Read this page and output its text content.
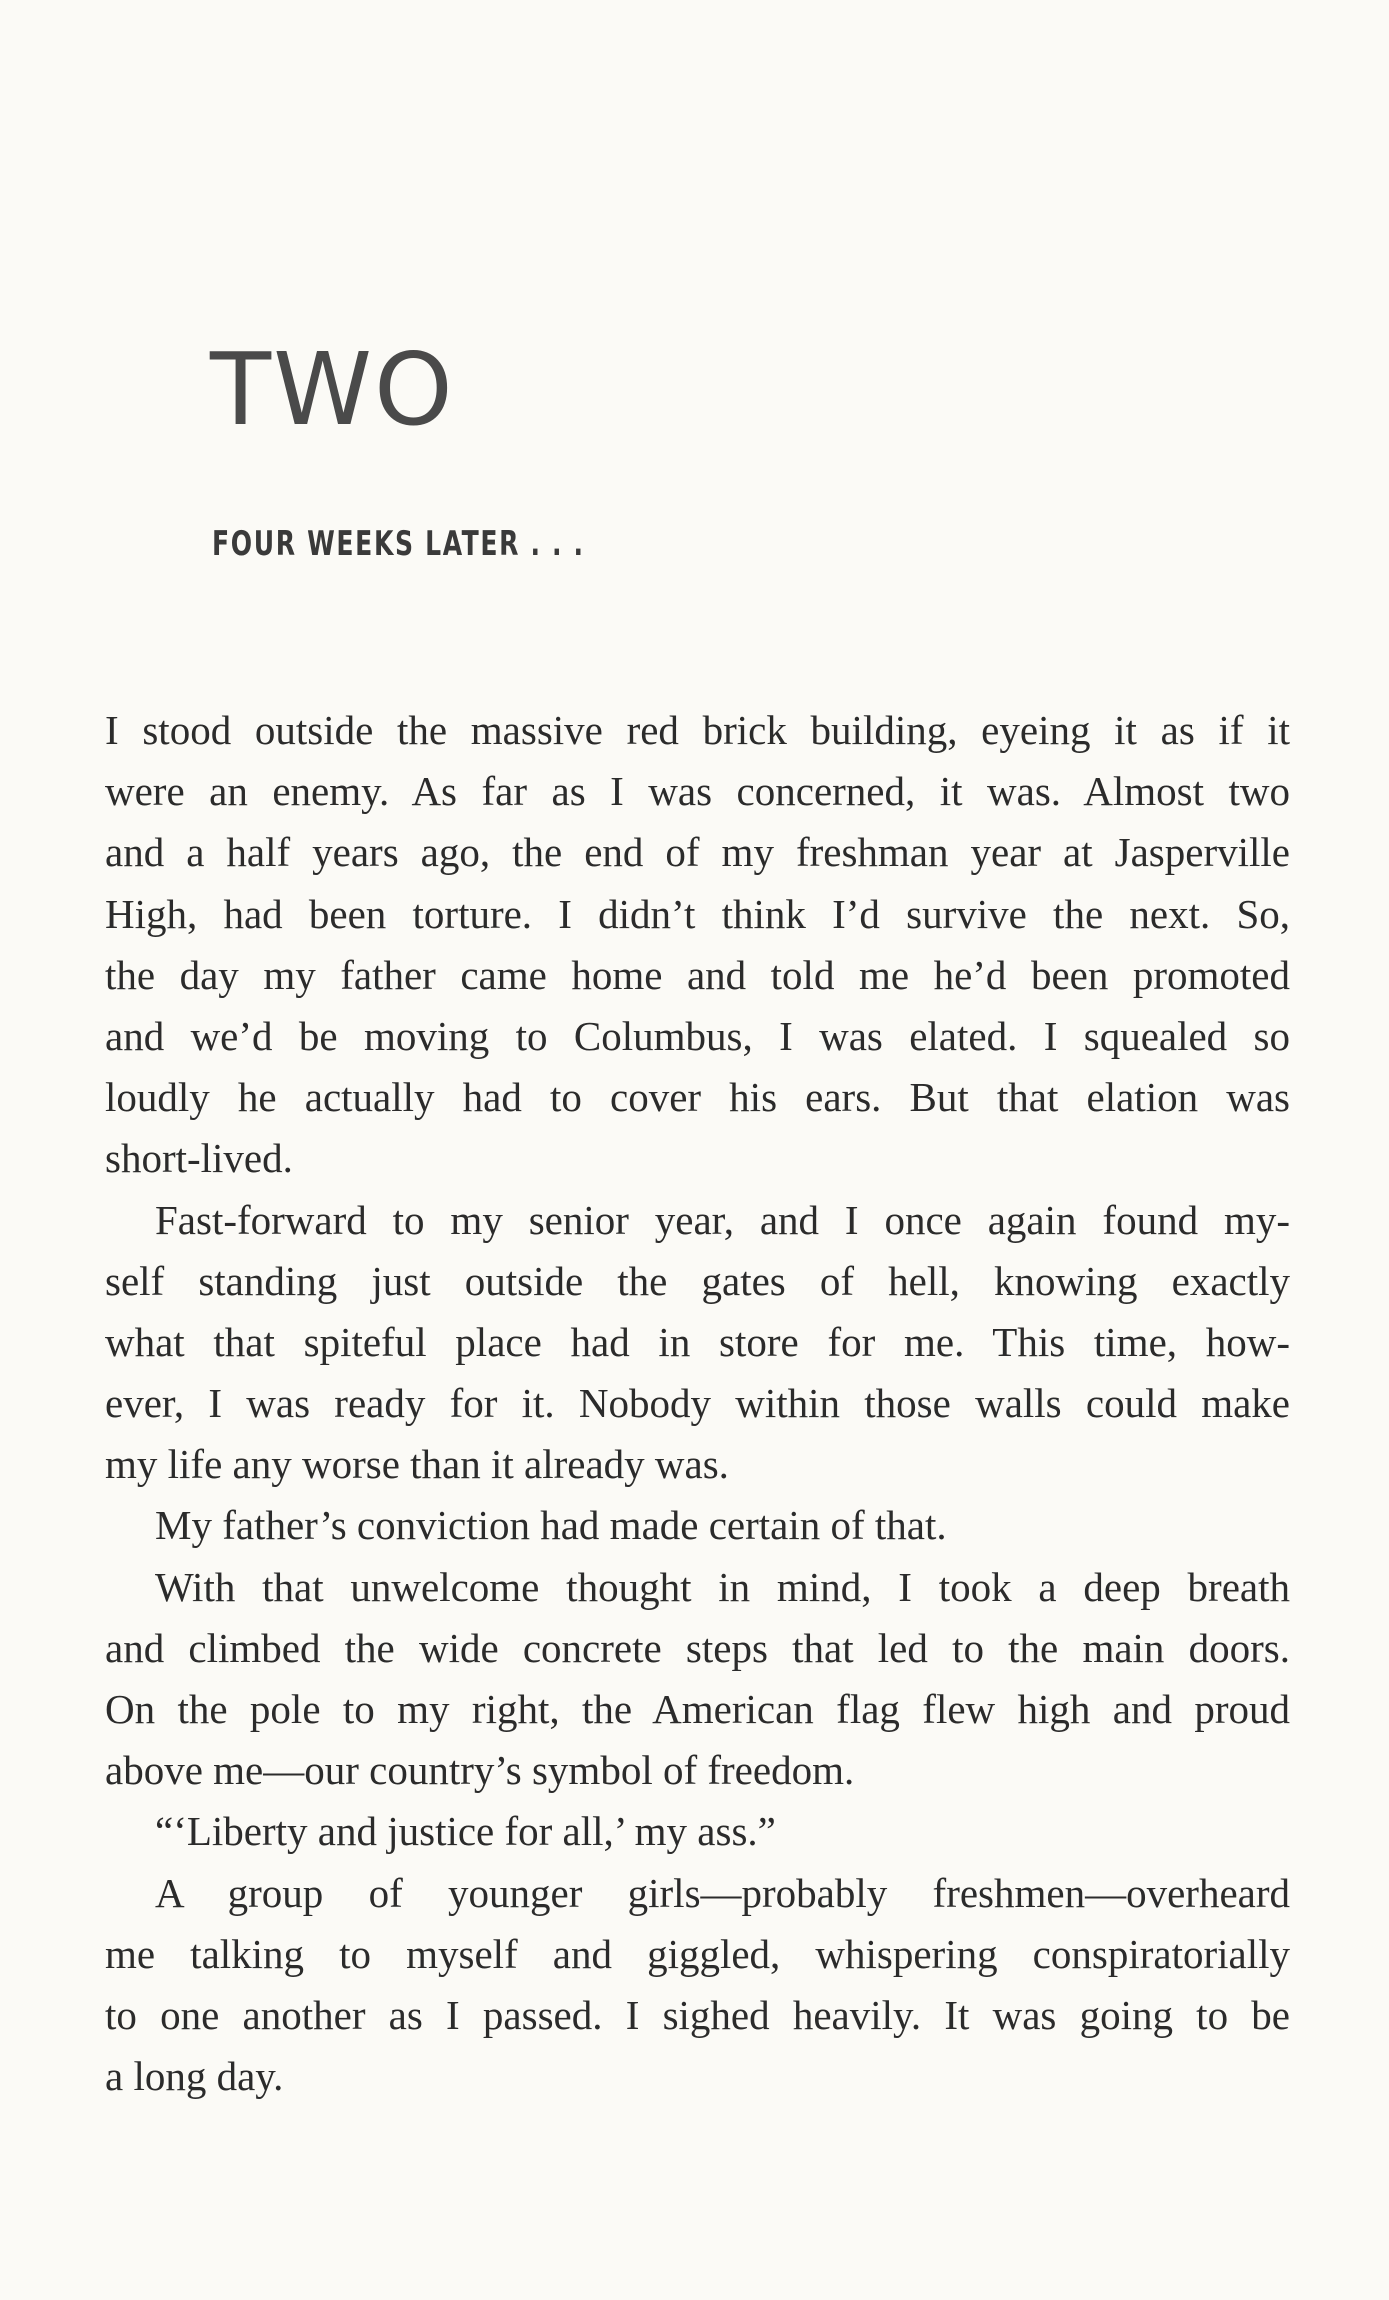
TWO
FOUR WEEKS LATER . . .
I stood outside the massive red brick building, eyeing it as if it
were an enemy. As far as I was concerned, it was. Almost two
and a half years ago, the end of my freshman year at Jasperville
High, had been torture. I didn’t think I’d survive the next. So,
the day my father came home and told me he’d been promoted
and we’d be moving to Columbus, I was elated. I squealed so
loudly he actually had to cover his ears. But that elation was
short-lived.
Fast-forward to my senior year, and I once again found my-
self standing just outside the gates of hell, knowing exactly
what that spiteful place had in store for me. This time, how-
ever, I was ready for it. Nobody within those walls could make
my life any worse than it already was.
My father’s conviction had made certain of that.
With that unwelcome thought in mind, I took a deep breath
and climbed the wide concrete steps that led to the main doors.
On the pole to my right, the American flag flew high and proud
above me—our country’s symbol of freedom.
“‘Liberty and justice for all,’ my ass.”
A group of younger girls—probably freshmen—overheard
me talking to myself and giggled, whispering conspiratorially
to one another as I passed. I sighed heavily. It was going to be
a long day.
